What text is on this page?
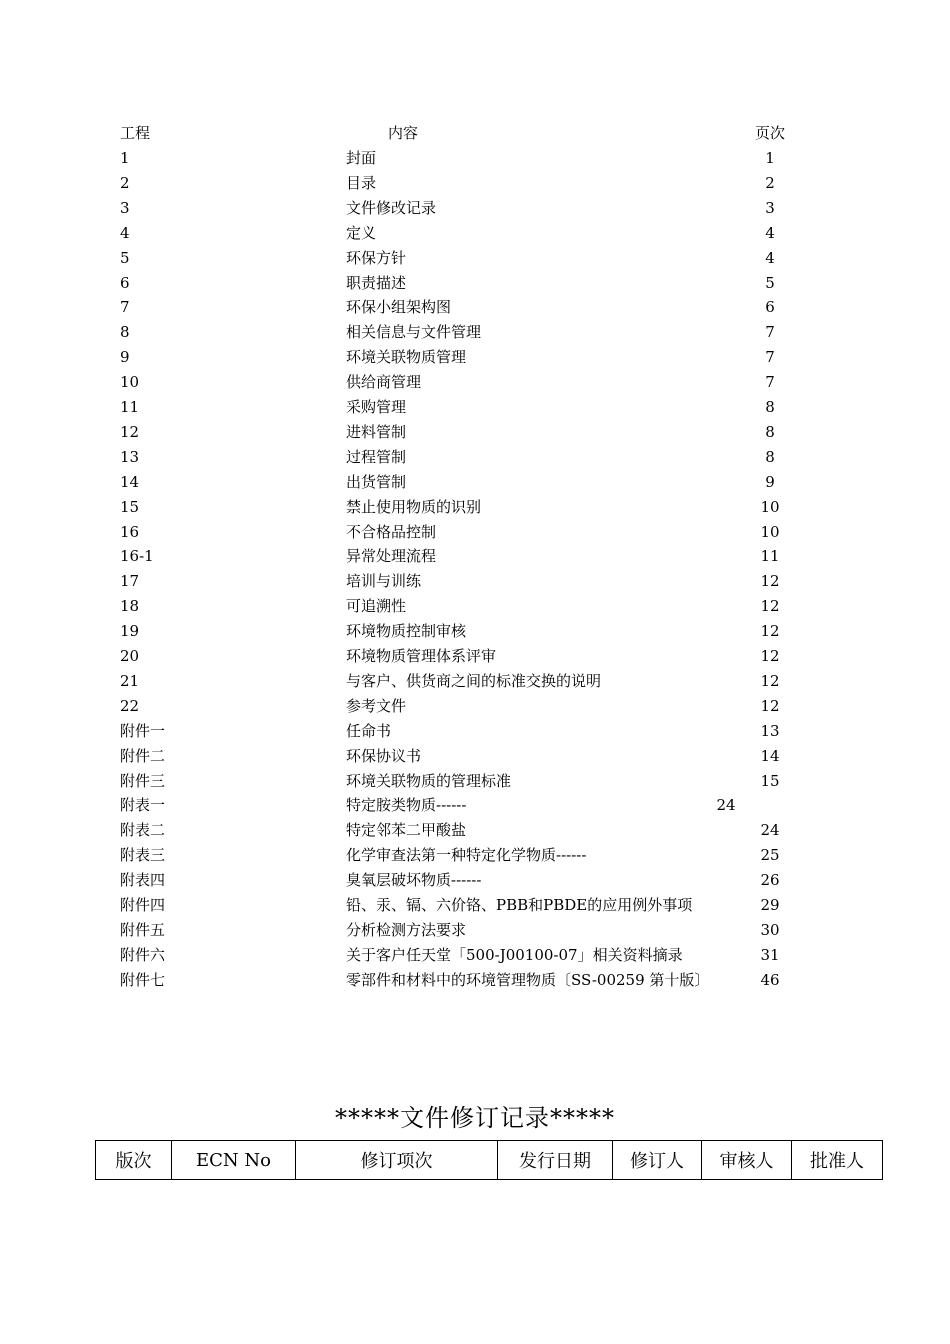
工程	内容	页次
1	封面	1
2	目录	2
3	文件修改记录	3
4	定义	4
5	环保方针	4
6	职责描述	5
7	环保小组架构图	6
8	相关信息与文件管理	7
9	环境关联物质管理	7
10	供给商管理	7
11	采购管理	8
12	进料管制	8
13	过程管制	8
14	出货管制	9
15	禁止使用物质的识别	10
16	不合格品控制	10
16-1	异常处理流程	11
17	培训与训练	12
18	可追溯性	12
19	环境物质控制审核	12
20	环境物质管理体系评审	12
21	与客户、供货商之间的标准交换的说明	12
22	参考文件	12
附件一	任命书	13
附件二	环保协议书	14
附件三	环境关联物质的管理标准	15
附表一	特定胺类物质------	24
附表二	特定邻苯二甲酸盐	24
附表三	化学审查法第一种特定化学物质------	25
附表四	臭氧层破坏物质------	26
附件四	铅、汞、镉、六价铬、PBB和PBDE的应用例外事项	29
附件五	分析检测方法要求	30
附件六	关于客户任天堂「500-J00100-07」相关资料摘录	31
附件七	零部件和材料中的环境管理物质〔SS-00259 第十版〕	46
*****文件修订记录*****
版次	ECN No	修订项次	发行日期	修订人	审核人	批准人
